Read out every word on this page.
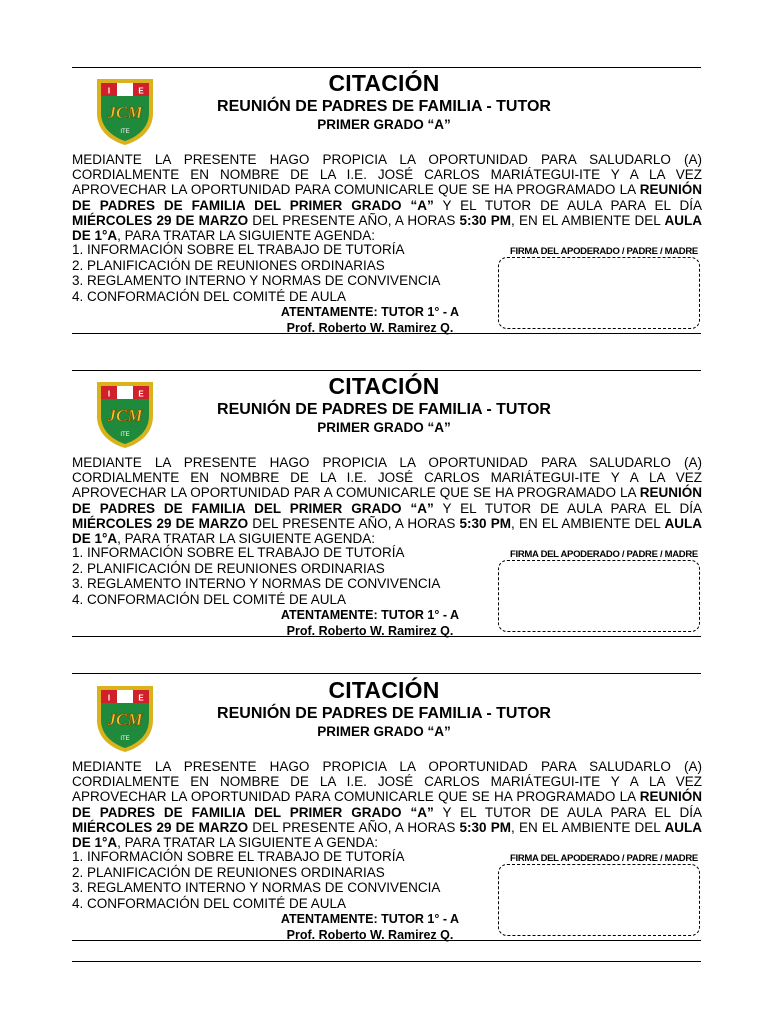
I	E
JCM
ITE
CITACIÓN
REUNIÓN DE PADRES DE FAMILIA - TUTOR
PRIMER GRADO “A”
MEDIANTE LA PRESENTE HAGO PROPICIA LA OPORTUNIDAD PARA SALUDARLO (A) CORDIALMENTE EN NOMBRE DE LA I.E. JOSÉ CARLOS MARIÁTEGUI-ITE Y A LA VEZ APROVECHAR LA OPORTUNIDAD PARA COMUNICARLE QUE SE HA PROGRAMADO LA REUNIÓN DE PADRES DE FAMILIA DEL PRIMER GRADO “A” Y EL TUTOR DE AULA PARA EL DÍA MIÉRCOLES 29 DE MARZO DEL PRESENTE AÑO, A HORAS 5:30 PM, EN EL AMBIENTE DEL AULA DE 1°A, PARA TRATAR LA SIGUIENTE AGENDA:
1. INFORMACIÓN SOBRE EL TRABAJO DE TUTORÍA
2. PLANIFICACIÓN DE REUNIONES ORDINARIAS
3. REGLAMENTO INTERNO Y NORMAS DE CONVIVENCIA
4. CONFORMACIÓN DEL COMITÉ DE AULA
FIRMA DEL APODERADO / PADRE / MADRE
ATENTAMENTE: TUTOR 1° - A
Prof. Roberto W. Ramirez Q.
I	E
JCM
ITE
CITACIÓN
REUNIÓN DE PADRES DE FAMILIA - TUTOR
PRIMER GRADO “A”
MEDIANTE LA PRESENTE HAGO PROPICIA LA OPORTUNIDAD PARA SALUDARLO (A) CORDIALMENTE EN NOMBRE DE LA I.E. JOSÉ CARLOS MARIÁTEGUI-ITE Y A LA VEZ APROVECHAR LA OPORTUNIDAD PAR A COMUNICARLE QUE SE HA PROGRAMADO LA REUNIÓN DE PADRES DE FAMILIA DEL PRIMER GRADO “A” Y EL TUTOR DE AULA PARA EL DÍA MIÉRCOLES 29 DE MARZO DEL PRESENTE AÑO, A HORAS 5:30 PM, EN EL AMBIENTE DEL AULA DE 1°A, PARA TRATAR LA SIGUIENTE AGENDA:
1. INFORMACIÓN SOBRE EL TRABAJO DE TUTORÍA
2. PLANIFICACIÓN DE REUNIONES ORDINARIAS
3. REGLAMENTO INTERNO Y NORMAS DE CONVIVENCIA
4. CONFORMACIÓN DEL COMITÉ DE AULA
FIRMA DEL APODERADO / PADRE / MADRE
ATENTAMENTE: TUTOR 1° - A
Prof. Roberto W. Ramirez Q.
I	E
JCM
ITE
CITACIÓN
REUNIÓN DE PADRES DE FAMILIA - TUTOR
PRIMER GRADO “A”
MEDIANTE LA PRESENTE HAGO PROPICIA LA OPORTUNIDAD PARA SALUDARLO (A) CORDIALMENTE EN NOMBRE DE LA I.E. JOSÉ CARLOS MARIÁTEGUI-ITE Y A LA VEZ APROVECHAR LA OPORTUNIDAD PARA COMUNICARLE QUE SE HA PROGRAMADO LA REUNIÓN DE PADRES DE FAMILIA DEL PRIMER GRADO “A” Y EL TUTOR DE AULA PARA EL DÍA MIÉRCOLES 29 DE MARZO DEL PRESENTE AÑO, A HORAS 5:30 PM, EN EL AMBIENTE DEL AULA DE 1°A, PARA TRATAR LA SIGUIENTE A GENDA:
1. INFORMACIÓN SOBRE EL TRABAJO DE TUTORÍA
2. PLANIFICACIÓN DE REUNIONES ORDINARIAS
3. REGLAMENTO INTERNO Y NORMAS DE CONVIVENCIA
4. CONFORMACIÓN DEL COMITÉ DE AULA
FIRMA DEL APODERADO / PADRE / MADRE
ATENTAMENTE: TUTOR 1° - A
Prof. Roberto W. Ramirez Q.
